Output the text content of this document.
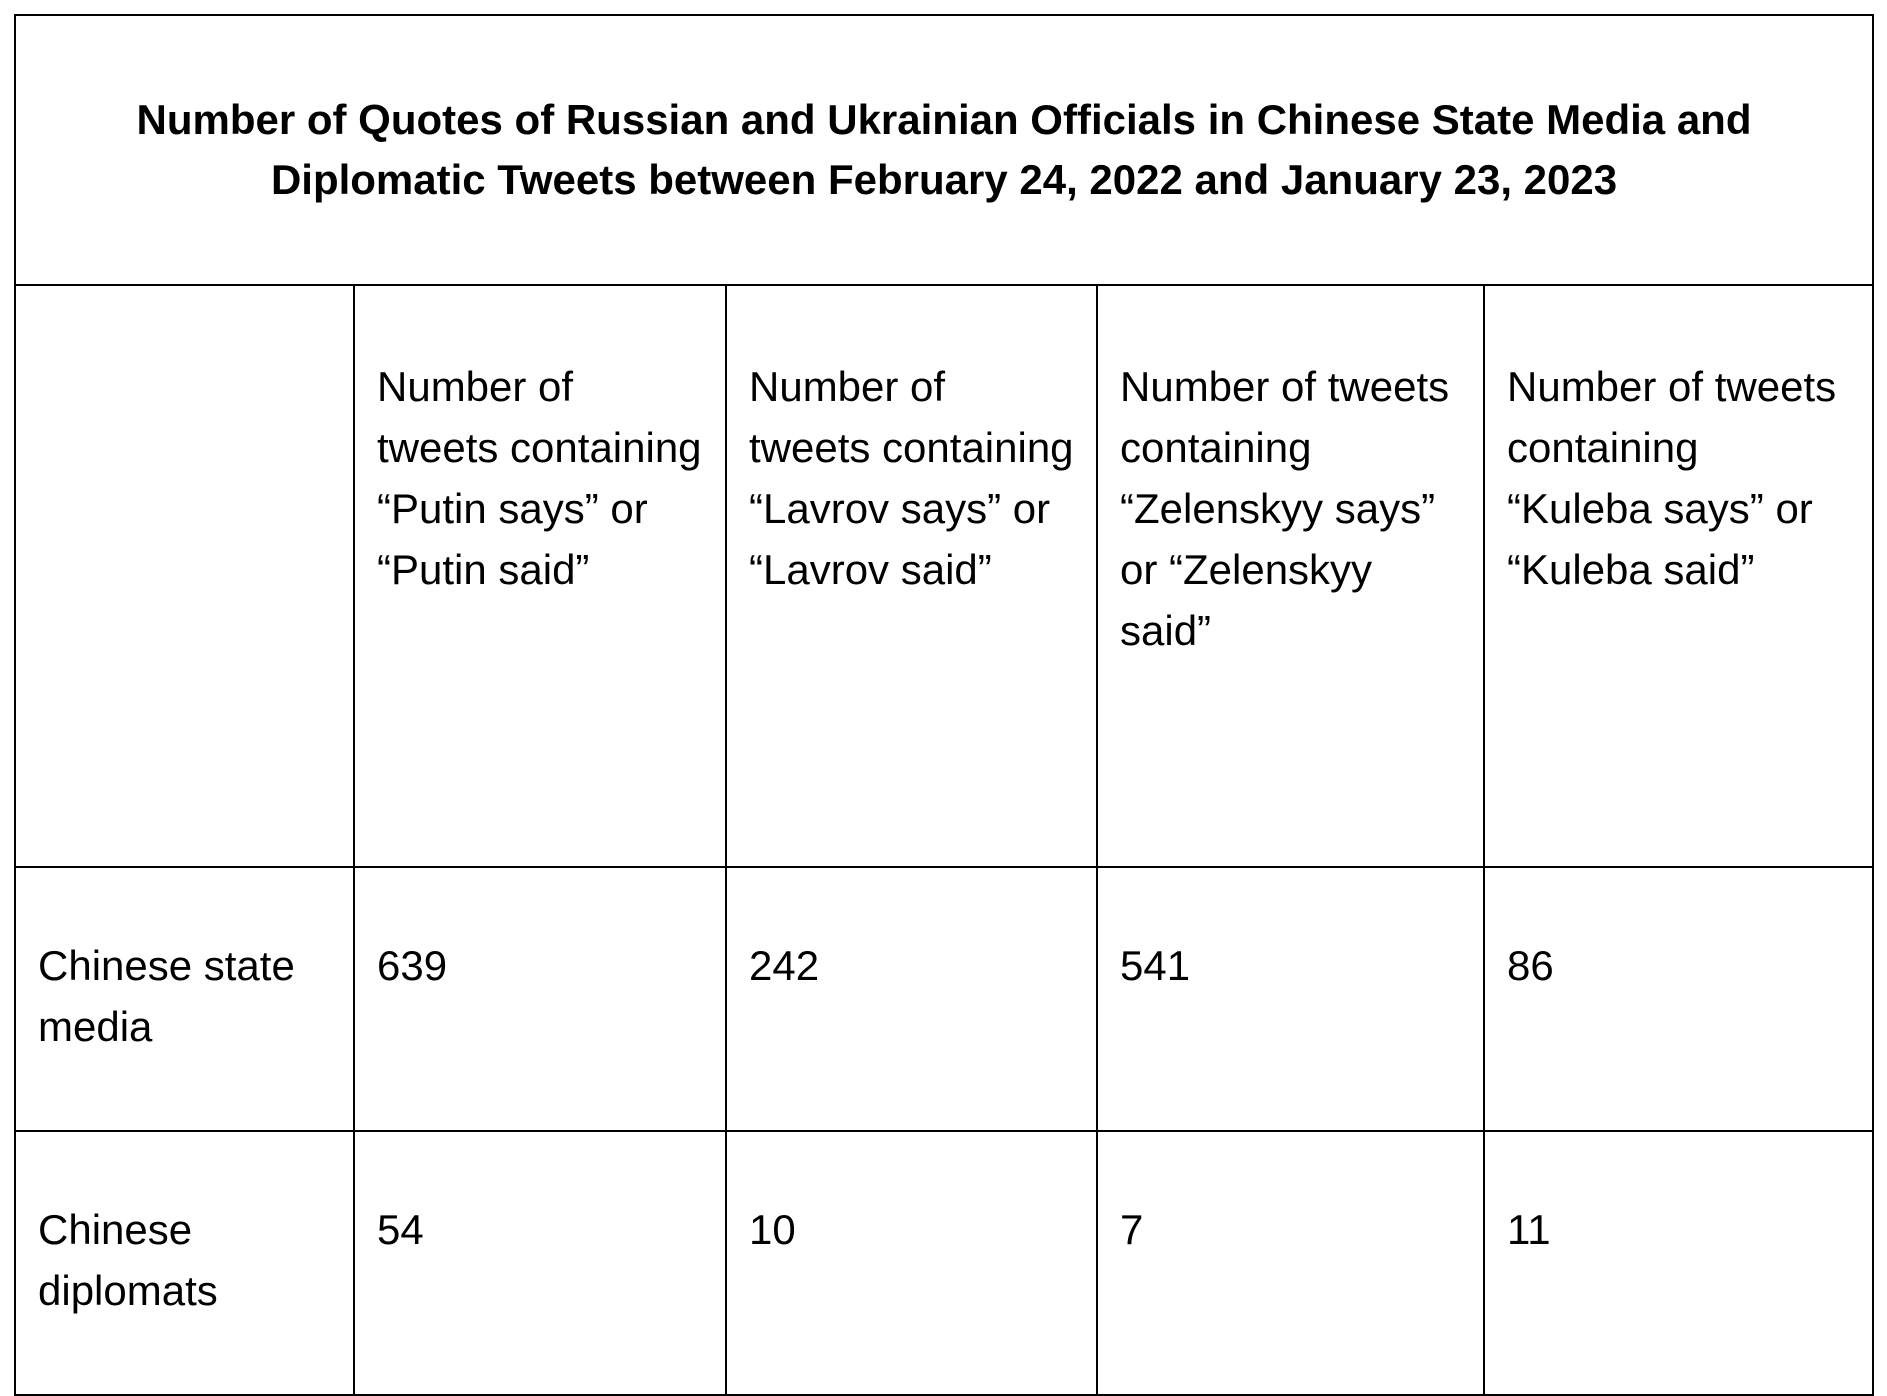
Number of Quotes of Russian and Ukrainian Officials in Chinese State Media and Diplomatic Tweets between February 24, 2022 and January 23, 2023				
	Number of tweets containing “Putin says” or “Putin said”	Number of tweets containing “Lavrov says” or “Lavrov said”	Number of tweets containing “Zelenskyy says” or “Zelenskyy said”	Number of tweets containing “Kuleba says” or “Kuleba said”
Chinese state media	639	242	541	86
Chinese diplomats	54	10	7	11
